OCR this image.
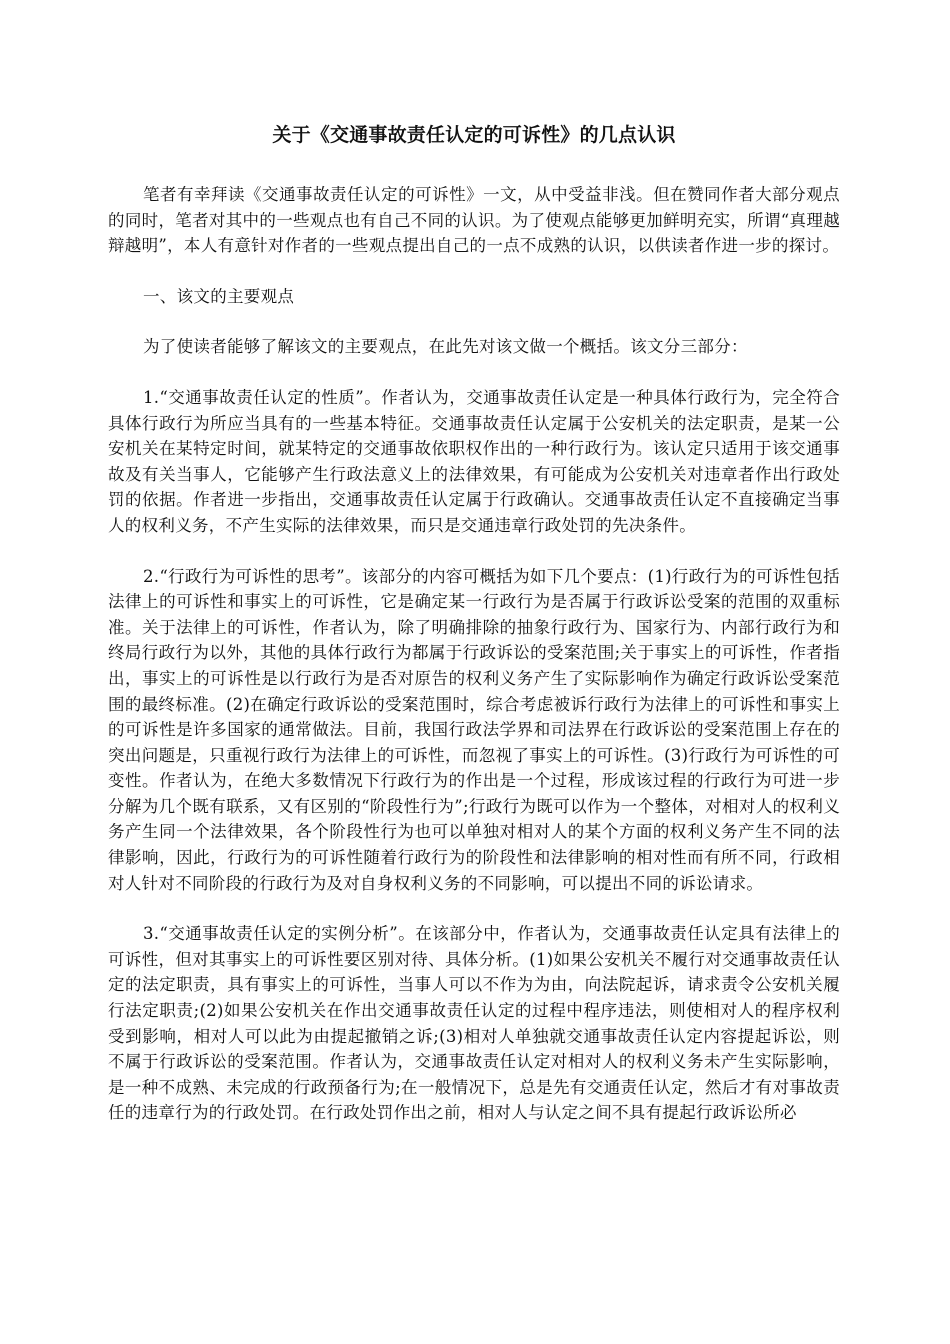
关于《交通事故责任认定的可诉性》的几点认识

笔者有幸拜读《交通事故责任认定的可诉性》一文，从中受益非浅。但在赞同作者大部分观点的同时，笔者对其中的一些观点也有自己不同的认识。为了使观点能够更加鲜明充实，所谓“真理越辩越明”，本人有意针对作者的一些观点提出自己的一点不成熟的认识，以供读者作进一步的探讨。

一、该文的主要观点

为了使读者能够了解该文的主要观点，在此先对该文做一个概括。该文分三部分：

1.“交通事故责任认定的性质”。作者认为，交通事故责任认定是一种具体行政行为，完全符合具体行政行为所应当具有的一些基本特征。交通事故责任认定属于公安机关的法定职责，是某一公安机关在某特定时间，就某特定的交通事故依职权作出的一种行政行为。该认定只适用于该交通事故及有关当事人，它能够产生行政法意义上的法律效果，有可能成为公安机关对违章者作出行政处罚的依据。作者进一步指出，交通事故责任认定属于行政确认。交通事故责任认定不直接确定当事人的权利义务，不产生实际的法律效果，而只是交通违章行政处罚的先决条件。

2.“行政行为可诉性的思考”。该部分的内容可概括为如下几个要点：(1)行政行为的可诉性包括法律上的可诉性和事实上的可诉性，它是确定某一行政行为是否属于行政诉讼受案的范围的双重标准。关于法律上的可诉性，作者认为，除了明确排除的抽象行政行为、国家行为、内部行政行为和终局行政行为以外，其他的具体行政行为都属于行政诉讼的受案范围;关于事实上的可诉性，作者指出，事实上的可诉性是以行政行为是否对原告的权利义务产生了实际影响作为确定行政诉讼受案范围的最终标准。(2)在确定行政诉讼的受案范围时，综合考虑被诉行政行为法律上的可诉性和事实上的可诉性是许多国家的通常做法。目前，我国行政法学界和司法界在行政诉讼的受案范围上存在的突出问题是，只重视行政行为法律上的可诉性，而忽视了事实上的可诉性。(3)行政行为可诉性的可变性。作者认为，在绝大多数情况下行政行为的作出是一个过程，形成该过程的行政行为可进一步分解为几个既有联系，又有区别的“阶段性行为”;行政行为既可以作为一个整体，对相对人的权利义务产生同一个法律效果，各个阶段性行为也可以单独对相对人的某个方面的权利义务产生不同的法律影响，因此，行政行为的可诉性随着行政行为的阶段性和法律影响的相对性而有所不同，行政相对人针对不同阶段的行政行为及对自身权利义务的不同影响，可以提出不同的诉讼请求。

3.“交通事故责任认定的实例分析”。在该部分中，作者认为，交通事故责任认定具有法律上的可诉性，但对其事实上的可诉性要区别对待、具体分析。(1)如果公安机关不履行对交通事故责任认定的法定职责，具有事实上的可诉性，当事人可以不作为为由，向法院起诉，请求责令公安机关履行法定职责;(2)如果公安机关在作出交通事故责任认定的过程中程序违法，则使相对人的程序权利受到影响，相对人可以此为由提起撤销之诉;(3)相对人单独就交通事故责任认定内容提起诉讼，则不属于行政诉讼的受案范围。作者认为，交通事故责任认定对相对人的权利义务未产生实际影响，是一种不成熟、未完成的行政预备行为;在一般情况下，总是先有交通责任认定，然后才有对事故责任的违章行为的行政处罚。在行政处罚作出之前，相对人与认定之间不具有提起行政诉讼所必
